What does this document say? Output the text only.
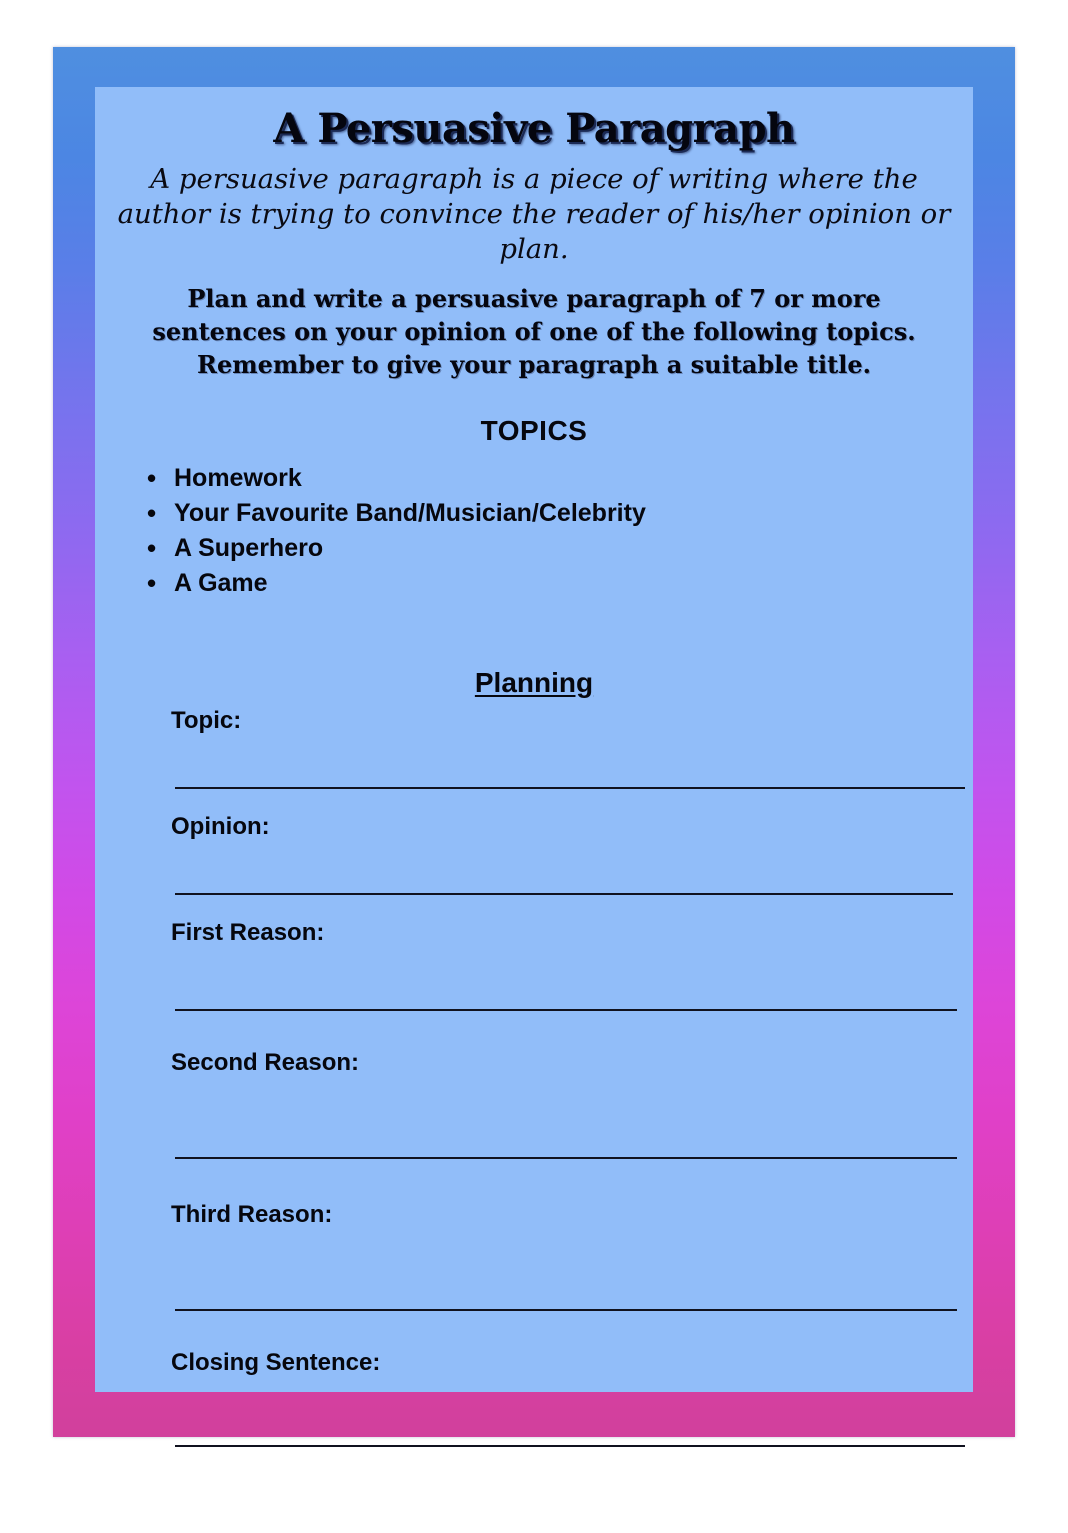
A Persuasive Paragraph

A persuasive paragraph is a piece of writing where the author is trying to convince the reader of his/her opinion or plan.

Plan and write a persuasive paragraph of 7 or more sentences on your opinion of one of the following topics. Remember to give your paragraph a suitable title.

TOPICS
• Homework
• Your Favourite Band/Musician/Celebrity
• A Superhero
• A Game
Planning
Topic:
Opinion:
First Reason:
Second Reason:
Third Reason:
Closing Sentence:
